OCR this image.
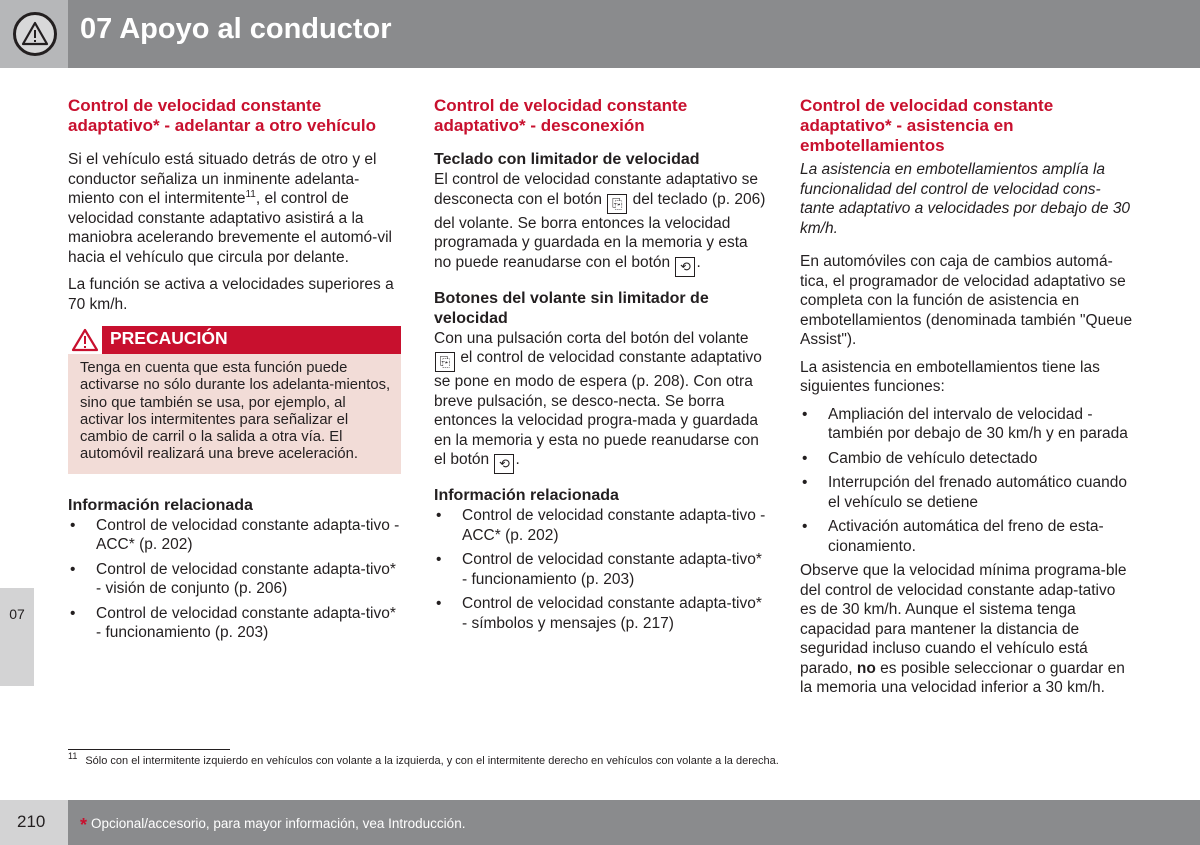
07 Apoyo al conductor
07
Control de velocidad constante adaptativo* - adelantar a otro vehículo

Si el vehículo está situado detrás de otro y el conductor señaliza un inminente adelanta-miento con el intermitente$^{11}$, el control de velocidad constante adaptativo asistirá a la maniobra acelerando brevemente el automó-vil hacia el vehículo que circula por delante.

La función se activa a velocidades superiores a 70 km/h.

PRECAUCIÓN
Tenga en cuenta que esta función puede activarse no sólo durante los adelanta-mientos, sino que también se usa, por ejemplo, al activar los intermitentes para señalizar el cambio de carril o la salida a otra vía. El automóvil realizará una breve aceleración.
Información relacionada
• Control de velocidad constante adapta-tivo - ACC* (p. 202)
• Control de velocidad constante adapta-tivo* - visión de conjunto (p. 206)
• Control de velocidad constante adapta-tivo* - funcionamiento (p. 203)
Control de velocidad constante adaptativo* - desconexión
Teclado con limitador de velocidad

El control de velocidad constante adaptativo se desconecta con el botón ⎘ del teclado (p. 206) del volante. Se borra entonces la velocidad programada y guardada en la memoria y esta no puede reanudarse con el botón ⟲ .

Botones del volante sin limitador de velocidad

Con una pulsación corta del botón del volante ⎘ el control de velocidad constante adaptativo se pone en modo de espera (p. 208). Con otra breve pulsación, se desco-necta. Se borra entonces la velocidad progra-mada y guardada en la memoria y esta no puede reanudarse con el botón ⟲ .

Información relacionada
• Control de velocidad constante adapta-tivo - ACC* (p. 202)
• Control de velocidad constante adapta-tivo* - funcionamiento (p. 203)
• Control de velocidad constante adapta-tivo* - símbolos y mensajes (p. 217)
Control de velocidad constante adaptativo* - asistencia en embotellamientos

La asistencia en embotellamientos amplía la funcionalidad del control de velocidad cons-tante adaptativo a velocidades por debajo de 30 km/h.

En automóviles con caja de cambios automá-tica, el programador de velocidad adaptativo se completa con la función de asistencia en embotellamientos (denominada también "Queue Assist").

La asistencia en embotellamientos tiene las siguientes funciones:

• Ampliación del intervalo de velocidad - también por debajo de 30 km/h y en parada
• Cambio de vehículo detectado
• Interrupción del frenado automático cuando el vehículo se detiene
• Activación automática del freno de esta-cionamiento.

Observe que la velocidad mínima programa-ble del control de velocidad constante adap-tativo es de 30 km/h. Aunque el sistema tenga capacidad para mantener la distancia de seguridad incluso cuando el vehículo está parado, no es posible seleccionar o guardar en la memoria una velocidad inferior a 30 km/h.

$^{11}$ Sólo con el intermitente izquierdo en vehículos con volante a la izquierda, y con el intermitente derecho en vehículos con volante a la derecha.
210 * Opcional/accesorio, para mayor información, vea Introducción.
